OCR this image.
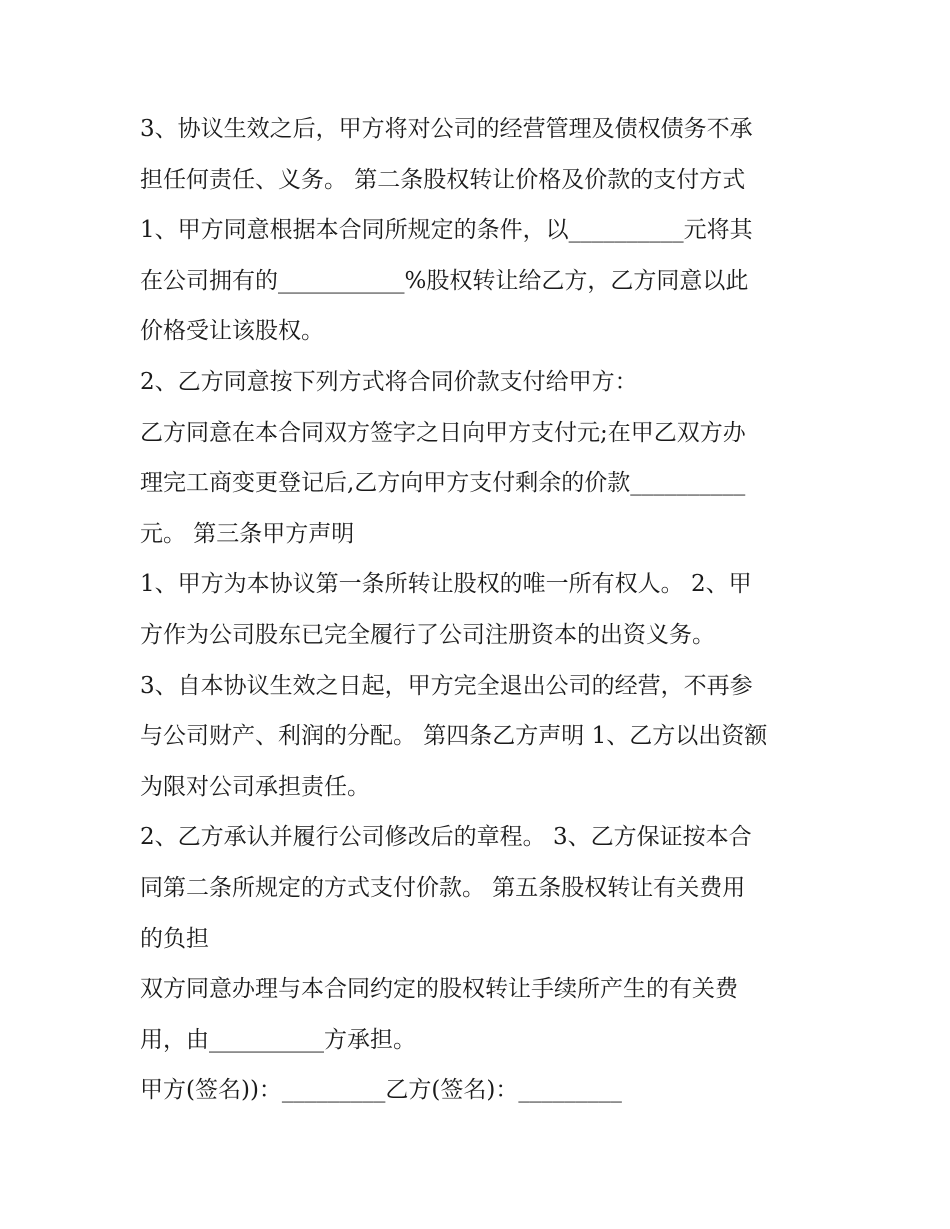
3、协议生效之后，甲方将对公司的经营管理及债权债务不承
担任何责任、义务。 第二条股权转让价格及价款的支付方式
1、甲方同意根据本合同所规定的条件，以__________元将其
在公司拥有的___________%股权转让给乙方，乙方同意以此
价格受让该股权。
2、乙方同意按下列方式将合同价款支付给甲方：
乙方同意在本合同双方签字之日向甲方支付元;在甲乙双方办
理完工商变更登记后,乙方向甲方支付剩余的价款__________
元。 第三条甲方声明
1、甲方为本协议第一条所转让股权的唯一所有权人。 2、甲
方作为公司股东已完全履行了公司注册资本的出资义务。
3、自本协议生效之日起，甲方完全退出公司的经营，不再参
与公司财产、利润的分配。 第四条乙方声明 1、乙方以出资额
为限对公司承担责任。
2、乙方承认并履行公司修改后的章程。 3、乙方保证按本合
同第二条所规定的方式支付价款。 第五条股权转让有关费用
的负担
双方同意办理与本合同约定的股权转让手续所产生的有关费
用，由__________方承担。
甲方(签名))：_________乙方(签名)：_________
